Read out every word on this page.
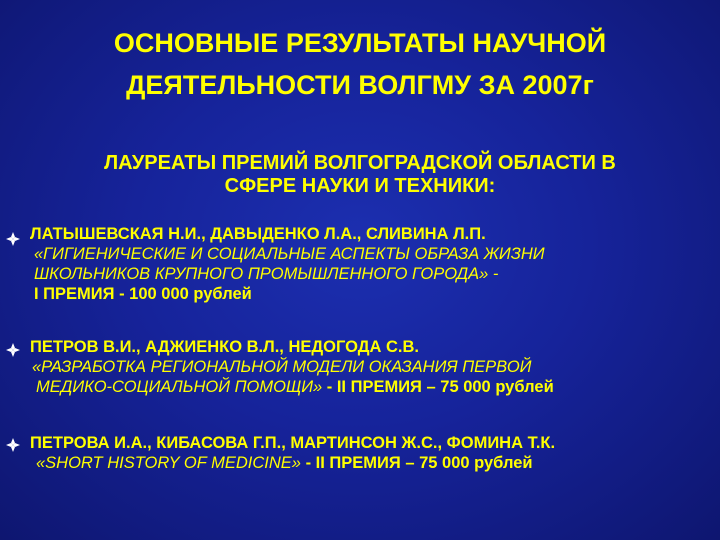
ОСНОВНЫЕ РЕЗУЛЬТАТЫ НАУЧНОЙ
ДЕЯТЕЛЬНОСТИ ВОЛГМУ ЗА 2007г
ЛАУРЕАТЫ ПРЕМИЙ ВОЛГОГРАДСКОЙ ОБЛАСТИ В
СФЕРЕ НАУКИ И ТЕХНИКИ:
ЛАТЫШЕВСКАЯ Н.И., ДАВЫДЕНКО Л.А., СЛИВИНА Л.П.
«ГИГИЕНИЧЕСКИЕ И СОЦИАЛЬНЫЕ АСПЕКТЫ ОБРАЗА ЖИЗНИ
ШКОЛЬНИКОВ КРУПНОГО ПРОМЫШЛЕННОГО ГОРОДА» -
I ПРЕМИЯ - 100 000 рублей
ПЕТРОВ В.И., АДЖИЕНКО В.Л., НЕДОГОДА С.В.
«РАЗРАБОТКА РЕГИОНАЛЬНОЙ МОДЕЛИ ОКАЗАНИЯ ПЕРВОЙ
МЕДИКО-СОЦИАЛЬНОЙ ПОМОЩИ» - II ПРЕМИЯ – 75 000 рублей
ПЕТРОВА И.А., КИБАСОВА Г.П., МАРТИНСОН Ж.С., ФОМИНА Т.К.
«SHORT HISTORY OF MEDICINE» - II ПРЕМИЯ – 75 000 рублей
